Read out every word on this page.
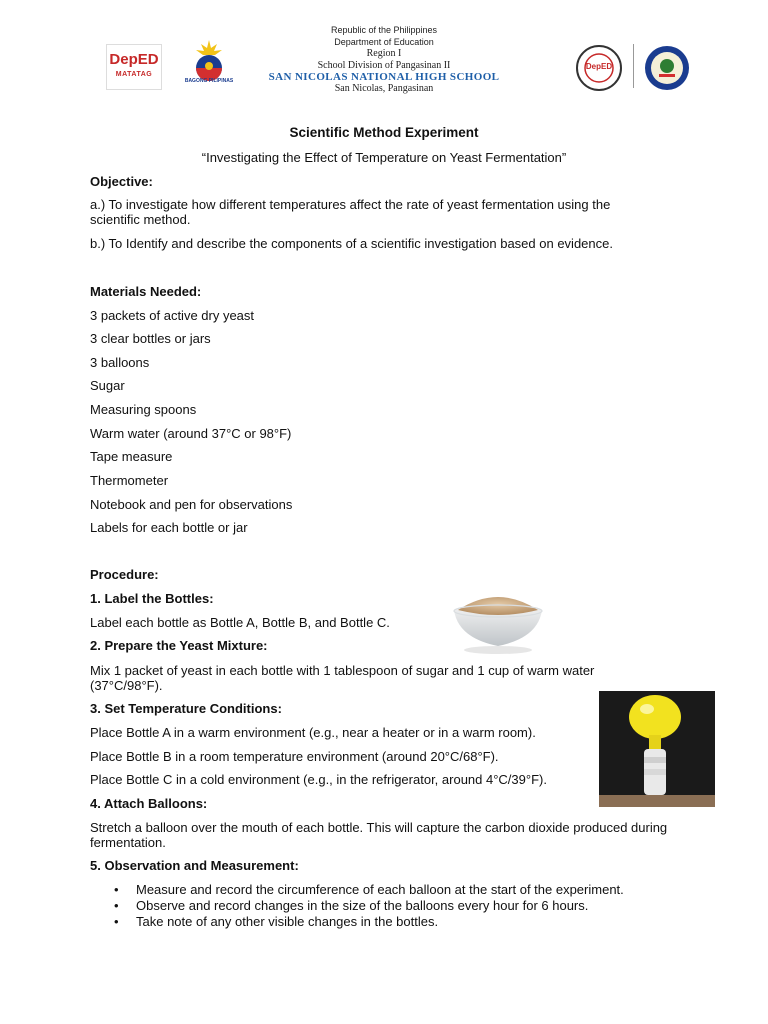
DepED
MATATAG
BAGONG PILIPINAS
Republic of the Philippines
Department of Education
Region I
School Division of Pangasinan II
SAN NICOLAS NATIONAL HIGH SCHOOL
San Nicolas, Pangasinan
DepED
Scientific Method Experiment
“Investigating the Effect of Temperature on Yeast Fermentation”
Objective:
a.) To investigate how different temperatures affect the rate of yeast fermentation using the scientific method.
b.) To Identify and describe the components of a scientific investigation based on evidence.
Materials Needed:
3 packets of active dry yeast
3 clear bottles or jars
3 balloons
Sugar
Measuring spoons
Warm water (around 37°C or 98°F)
Tape measure
Thermometer
Notebook and pen for observations
Labels for each bottle or jar
Procedure:
1. Label the Bottles:
Label each bottle as Bottle A, Bottle B, and Bottle C.
2. Prepare the Yeast Mixture:
Mix 1 packet of yeast in each bottle with 1 tablespoon of sugar and 1 cup of warm water (37°C/98°F).
3. Set Temperature Conditions:
Place Bottle A in a warm environment (e.g., near a heater or in a warm room).
Place Bottle B in a room temperature environment (around 20°C/68°F).
Place Bottle C in a cold environment (e.g., in the refrigerator, around 4°C/39°F).
4. Attach Balloons:
Stretch a balloon over the mouth of each bottle. This will capture the carbon dioxide produced during fermentation.
5. Observation and Measurement:
• Measure and record the circumference of each balloon at the start of the experiment.
• Observe and record changes in the size of the balloons every hour for 6 hours.
• Take note of any other visible changes in the bottles.
